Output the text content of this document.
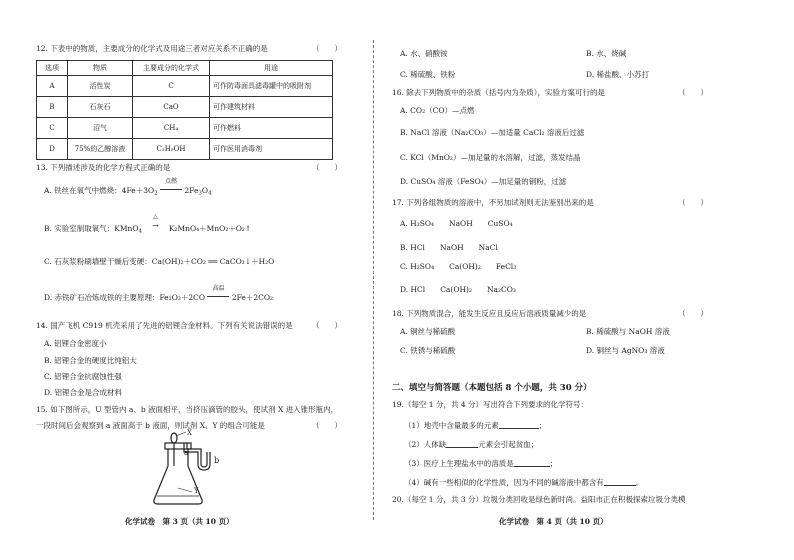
12. 下表中的物质，主要成分的化学式及用途三者对应关系不正确的是	（　　）
选项	物质	主要成分的化学式	用途
A	活性炭	C	可作防毒面具滤毒罐中的吸附剂
B	石灰石	CaO	可作建筑材料
C	沼气	CH₄	可作燃料
D	75%的乙醇溶液	C₂H₅OH	可作医用消毒剂
13. 下列描述涉及的化学方程式正确的是	（　　）
A. 铁丝在氧气中燃烧：$4Fe+3O_2$
点燃
$2Fe_3O_4$
B. 实验室制取氧气：KMnO$_4$
△
→ K₂MnO₄＋MnO₂＋O₂↑
C. 石灰浆粉刷墙壁干燥后变硬：Ca(OH)₂＋CO₂ ══ CaCO₃↓＋H₂O
D. 赤铁矿石冶炼成铁的主要原理：Fe₂O₃＋2CO
高温
2Fe＋2CO₂
14. 国产飞机 C919 机壳采用了先进的铝锂合金材料。下列有关说法错误的是	（　　）
A. 铝锂合金密度小
B. 铝锂合金的硬度比纯铝大
C. 铝锂合金抗腐蚀性强
D. 铝锂合金是合成材料
15. 如下图所示，U 型管内 a、b 液面相平，当挤压滴管的胶头，使试剂 X 进入锥形瓶内，
一段时间后会观察到 a 液面高于 b 液面，则试剂 X、Y 的组合可能是	（　　）
X
a
b
Y
化学试卷　第 3 页（共 10 页）
A. 水、硝酸铵	B. 水、烧碱
C. 稀硫酸、铁粉	D. 稀盐酸、小苏打
16. 除去下列物质中的杂质（括号内为杂质），实验方案可行的是	（　　）
A. CO₂（CO）—点燃
B. NaCl 溶液（Na₂CO₃）—加适量 CaCl₂ 溶液后过滤
C. KCl（MnO₂）—加足量的水溶解，过滤，蒸发结晶
D. CuSO₄ 溶液（FeSO₄）—加足量的铜粉，过滤
17. 下列各组物质的溶液中，不另加试剂则无法鉴别出来的是	（　　）
A. H₂SO₄　　NaOH　　CuSO₄
B. HCl　　NaOH　　NaCl
C. H₂SO₄　　Ca(OH)₂　　FeCl₃
D. HCl　　Ca(OH)₂　　Na₂CO₃
18. 下列物质混合，能发生反应且反应后溶液质量减少的是	（　　）
A. 铜丝与稀硫酸	B. 稀硫酸与 NaOH 溶液
C. 铁锈与稀硫酸	D. 铜丝与 AgNO₃ 溶液
二、填空与简答题（本题包括 8 个小题，共 30 分）
19.（每空 1 分，共 4 分）写出符合下列要求的化学符号：
（1）地壳中含量最多的元素	；
（2）人体缺	元素会引起贫血；
（3）医疗上生理盐水中的溶质是	；
（4）碱有一些相似的化学性质，因为不同的碱溶液中都含有	。
20.（每空 1 分，共 3 分）垃圾分类回收是绿色新时尚。益阳市正在积极探索垃圾分类模
化学试卷　第 4 页（共 10 页）
